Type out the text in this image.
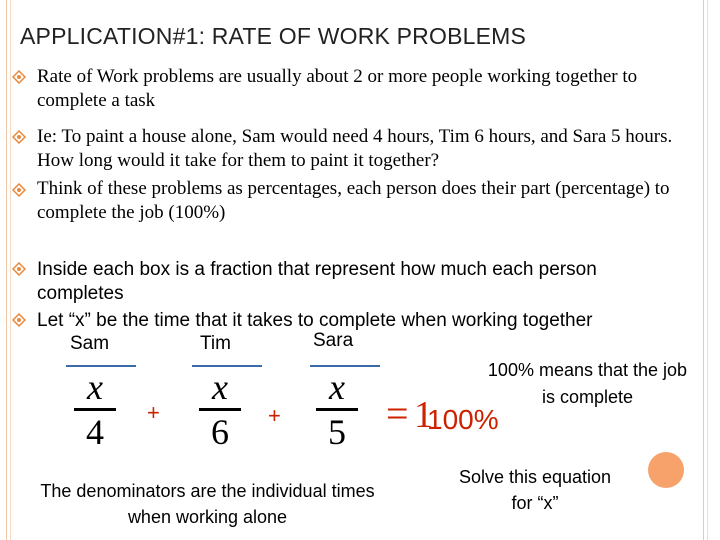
APPLICATION#1: RATE OF WORK PROBLEMS
Rate of Work problems are usually about 2 or more people working together to complete a task
Ie: To paint a house alone, Sam would need 4 hours, Tim 6 hours, and Sara 5 hours. How long would it take for them to paint it together?
Think of these problems as percentages, each person does their part (percentage) to complete the job (100%)
Inside each box is a fraction that represent how much each person completes
Let “x” be the time that it takes to complete when working together
Sam	Tim	Sara
x
4
x
6
x
5
+	+	= 1
100%
100% means that the job is complete
The denominators are the individual times when working alone
Solve this equation for “x”
